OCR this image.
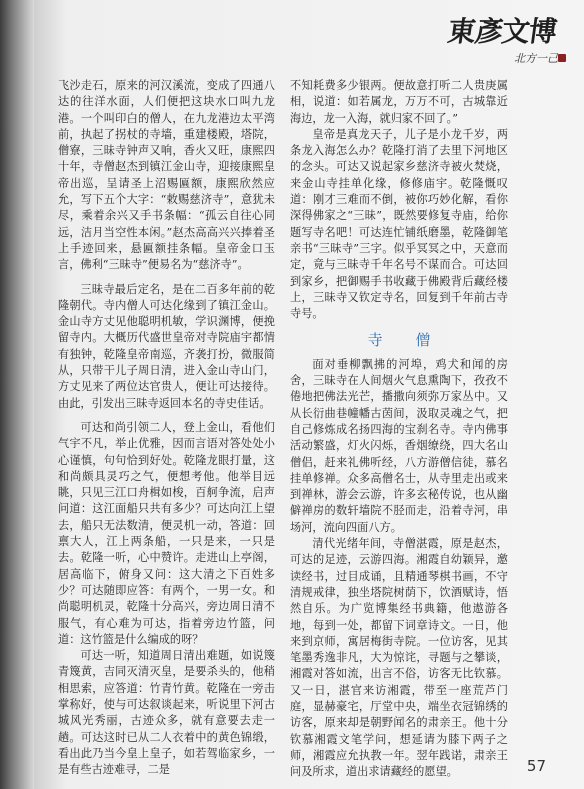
東彥文博
北方一己

飞沙走石，原来的河汉溪流，变成了四通八达的往洋水面，人们便把这块水口叫九龙港。一个叫印白的僧人，在九龙港边太平湾前，执起了拐杖的寺墙，重建楼殿，塔院，僧寮，三昧寺钟声又响，香火又旺，康熙四十年，寺僧赵杰到镇江金山寺，迎接康熙皇帝出巡，呈请圣上沼赐匾额，康熙欣然应允，写下五个大字：“敕赐慈济寺”，意犹未尽，乘着余兴又手书条幅：“孤云自往心同远，洁月当空性本闲。”赵杰高高兴兴捧着圣上手迹回来，悬匾额挂条幅。皇帝金口玉言，佛利“三昧寺”便易名为“慈济寺”。

三昧寺最后定名，是在二百多年前的乾隆朝代。寺内僧人可达化缘到了镇江金山。金山寺方丈见他聪明机敏，学识渊博，便挽留寺内。大概历代盛世皇帝对寺院庙宇都情有独钟，乾隆皇帝南巡，齐袭打扮，微服简从，只带干儿子周日清，进入金山寺山门，方丈见来了两位达官贵人，便让可达接待。由此，引发出三昧寺返回本名的寺史佳话。

可达和尚引领二人，登上金山，看他们气宇不凡，举止优雅，因而言语对答处处小心谨慎，句句恰到好处。乾隆龙眼打量，这和尚颇具灵巧之气，便想考他。他举目远眺，只见三江口舟楫如梭，百舸争流，启声问道：这江面船只共有多少？可达向江上望去，船只无法数清，便灵机一动，答道：回禀大人，江上两条船，一只是来，一只是去。乾隆一听，心中赞许。走进山上亭阁，居高临下，俯身又问：这大清之下百姓多少？可达随即应答：有两个，一男一女。和尚聪明机灵，乾隆十分高兴，旁边周日清不服气，有心难为可达，指着旁边竹篮，问道：这竹篮是什么编成的呀？

可达一听，知道周日清出难题，如说篾青篾黄，吉同灭清灭皇，是要杀头的，他稍相思索，应答道：竹青竹黄。乾隆在一旁击掌称好，使与可达叙谈起来，听说里下河古城风光秀丽，古迹众多，就有意要去走一趟。可达这时已从二人衣着中的黄色锦缎，看出此乃当今皇上皇子，如若驾临家乡，一是有些古迹难寻，二是

不知耗费多少银两。便故意打听二人贵庚属相，说道：如若属龙，万万不可，古城靠近海边，龙一入海，就归家不回了。”

皇帝是真龙天子，儿子是小龙千岁，两条龙入海怎么办？乾隆打消了去里下河地区的念头。可达又说起家乡慈济寺被火焚烧，来金山寺挂单化缘，修修庙宇。乾隆慨叹道：刚才三难而不倒，被你巧妙化解，看你深得佛家之“三昧”，既然要修复寺庙，给你题写寺名吧！可达连忙铺纸磨墨，乾隆御笔亲书“三昧寺”三字。似乎冥冥之中，天意而定，竟与三昧寺千年名号不谋而合。可达回到家乡，把御赐手书收藏于佛殿背后藏经楼上，三昧寺又钦定寺名，回复到千年前古寺寺号。

寺 僧

面对垂柳飘拂的河埠，鸡犬和闻的房舍，三昧寺在人间烟火气息熏陶下，孜孜不倦地把佛法光芒，播撒向须弥万家丛中。又从长衍曲巷幢幡古茵间，汲取灵魂之气，把自己修炼成名扬四海的宝刹名寺。寺内佛事活动繁盛，灯火闪烁，香烟缭绕，四大名山僧侣，赶来礼佛听经，八方游僧信徒，慕名挂单修禅。众多高僧名士，从寺里走出或来到禅林，游会云游，许多玄秘传说，也从幽僻禅房的数轩墙院不胫而走，沿着寺河，串场河，流向四面八方。

清代光绪年间，寺僧湛霞，原是赵杰，可达的足迹，云游四海。湘霞自幼颖异，邀读经书，过目成诵，且精通琴棋书画，不守清规戒律，独坐塔院树荫下，饮酒赋诗，悟然自乐。为广览博集经书典籍，他遨游各地，每到一处，都留下词章诗文。一日，他来到京师，寓居梅街寺院。一位访客，见其笔墨秀逸非凡，大为惊诧，寻题与之攀谈，湘霞对答如流，出言不俗，访客无比钦慕。又一日，湛官来访湘霞，带至一座荒芦门庭，显赫豪宅，厅堂中央，端坐衣冠锦绣的访客，原来却是朝野闻名的肃亲王。他十分钦慕湘霞文笔学问，想延请为膝下两子之师，湘霞应允执教一年。翌年践诺，肃亲王问及所求，道出求请藏经的愿望。	57
